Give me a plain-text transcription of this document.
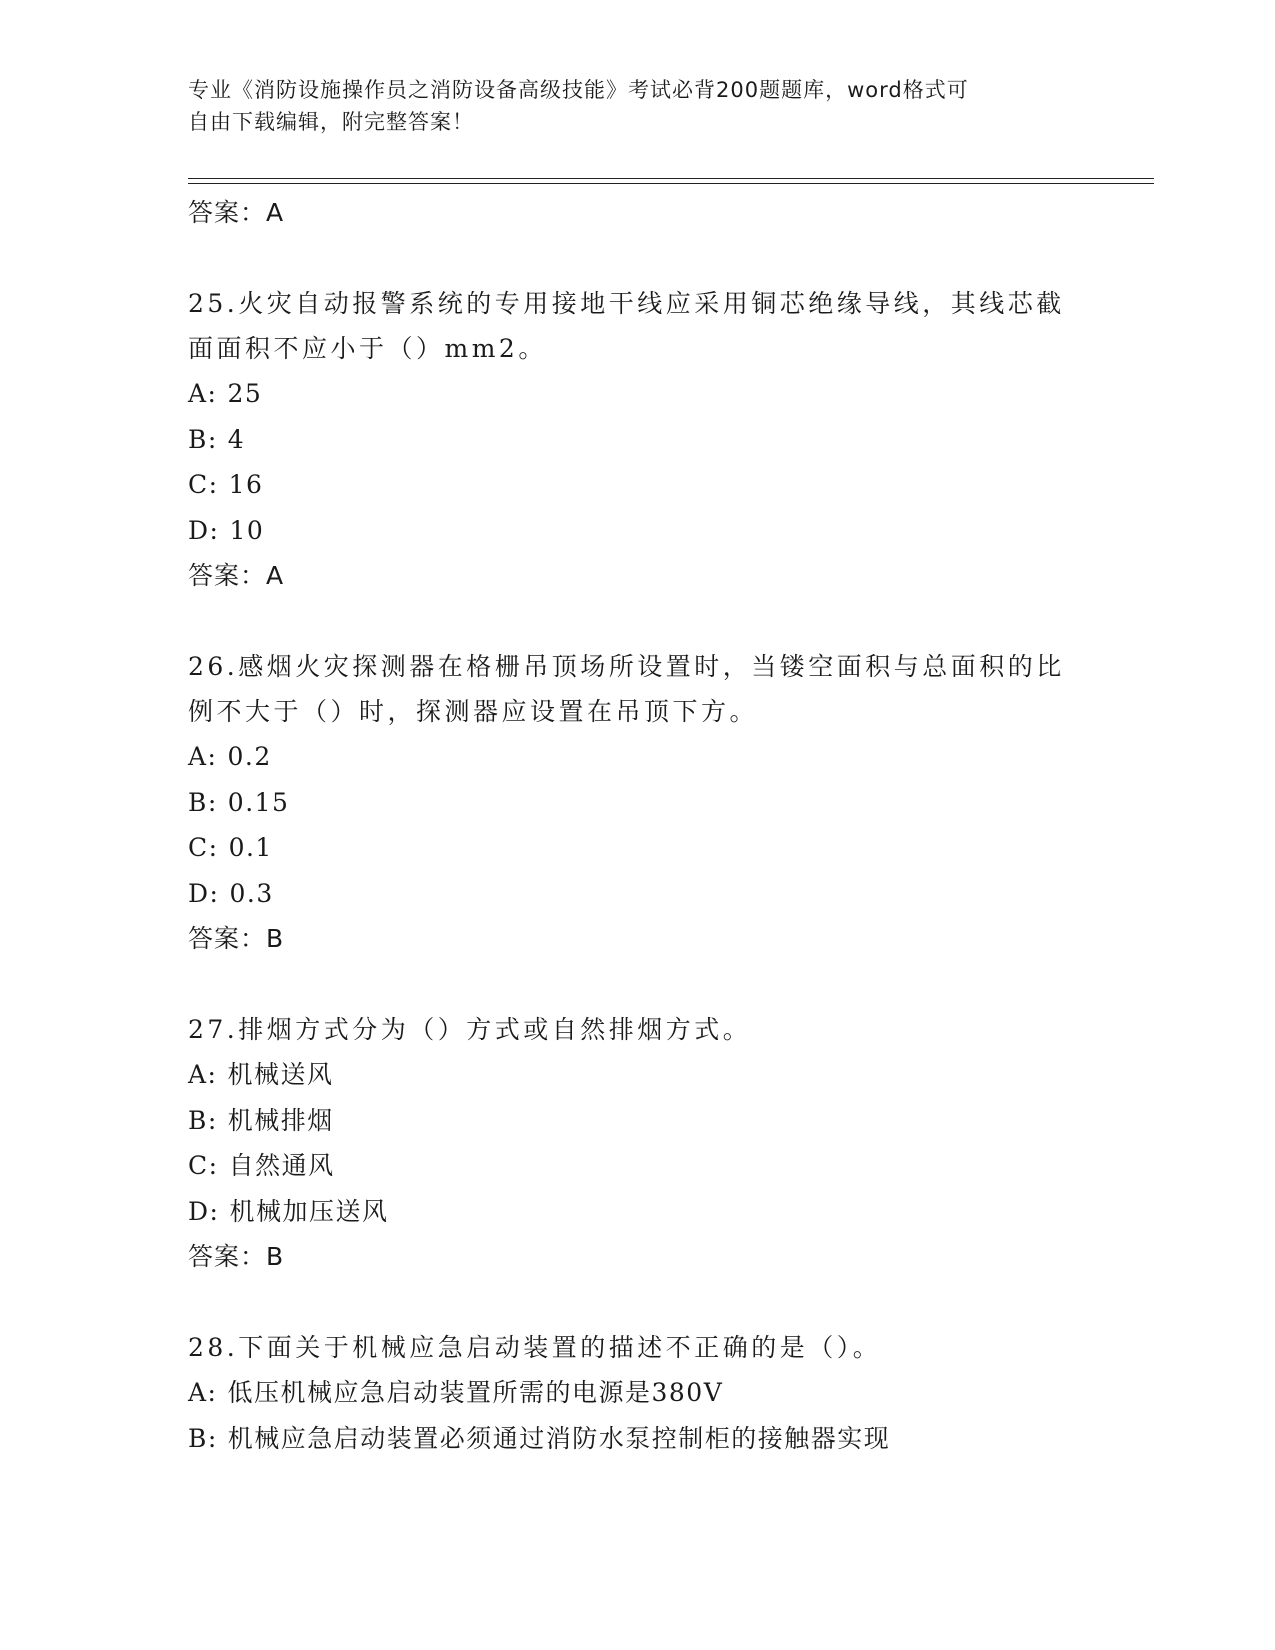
专业《消防设施操作员之消防设备高级技能》考试必背200题题库，word格式可
自由下载编辑，附完整答案！
答案：A
25.火灾自动报警系统的专用接地干线应采用铜芯绝缘导线，其线芯截
面面积不应小于（）mm2。
A: 25
B: 4
C: 16
D: 10
答案：A
26.感烟火灾探测器在格栅吊顶场所设置时，当镂空面积与总面积的比
例不大于（）时，探测器应设置在吊顶下方。
A: 0.2
B: 0.15
C: 0.1
D: 0.3
答案：B
27.排烟方式分为（）方式或自然排烟方式。
A: 机械送风
B: 机械排烟
C: 自然通风
D: 机械加压送风
答案：B
28.下面关于机械应急启动装置的描述不正确的是（）。
A: 低压机械应急启动装置所需的电源是380V
B: 机械应急启动装置必须通过消防水泵控制柜的接触器实现
